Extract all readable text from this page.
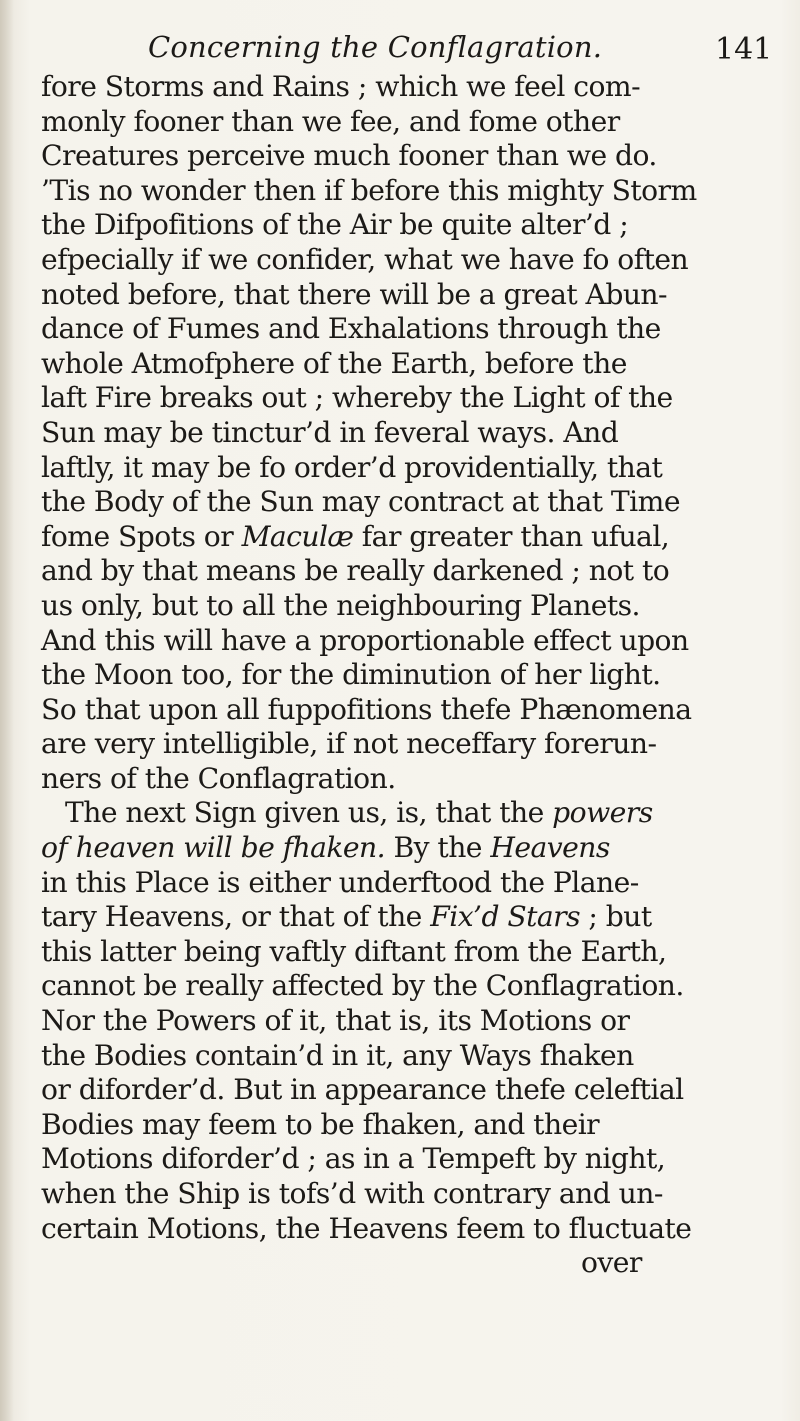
Concerning the Conflagration.	141
fore Storms and Rains ; which we feel com-
monly fooner than we fee, and fome other
Creatures perceive much fooner than we do.
’Tis no wonder then if before this mighty Storm
the Difpofitions of the Air be quite alter’d ;
efpecially if we confider, what we have fo often
noted before, that there will be a great Abun-
dance of Fumes and Exhalations through the
whole Atmofphere of the Earth, before the
laft Fire breaks out ; whereby the Light of the
Sun may be tinctur’d in feveral ways. And
laftly, it may be fo order’d providentially, that
the Body of the Sun may contract at that Time
fome Spots or Maculæ far greater than ufual,
and by that means be really darkened ; not to
us only, but to all the neighbouring Planets.
And this will have a proportionable effect upon
the Moon too, for the diminution of her light.
So that upon all fuppofitions thefe Phænomena
are very intelligible, if not neceffary forerun-
ners of the Conflagration.
The next Sign given us, is, that the powers
of heaven will be fhaken. By the Heavens
in this Place is either underftood the Plane-
tary Heavens, or that of the Fix’d Stars ; but
this latter being vaftly diftant from the Earth,
cannot be really affected by the Conflagration.
Nor the Powers of it, that is, its Motions or
the Bodies contain’d in it, any Ways fhaken
or diforder’d. But in appearance thefe celeftial
Bodies may feem to be fhaken, and their
Motions diforder’d ; as in a Tempeft by night,
when the Ship is tofs’d with contrary and un-
certain Motions, the Heavens feem to fluctuate
over
